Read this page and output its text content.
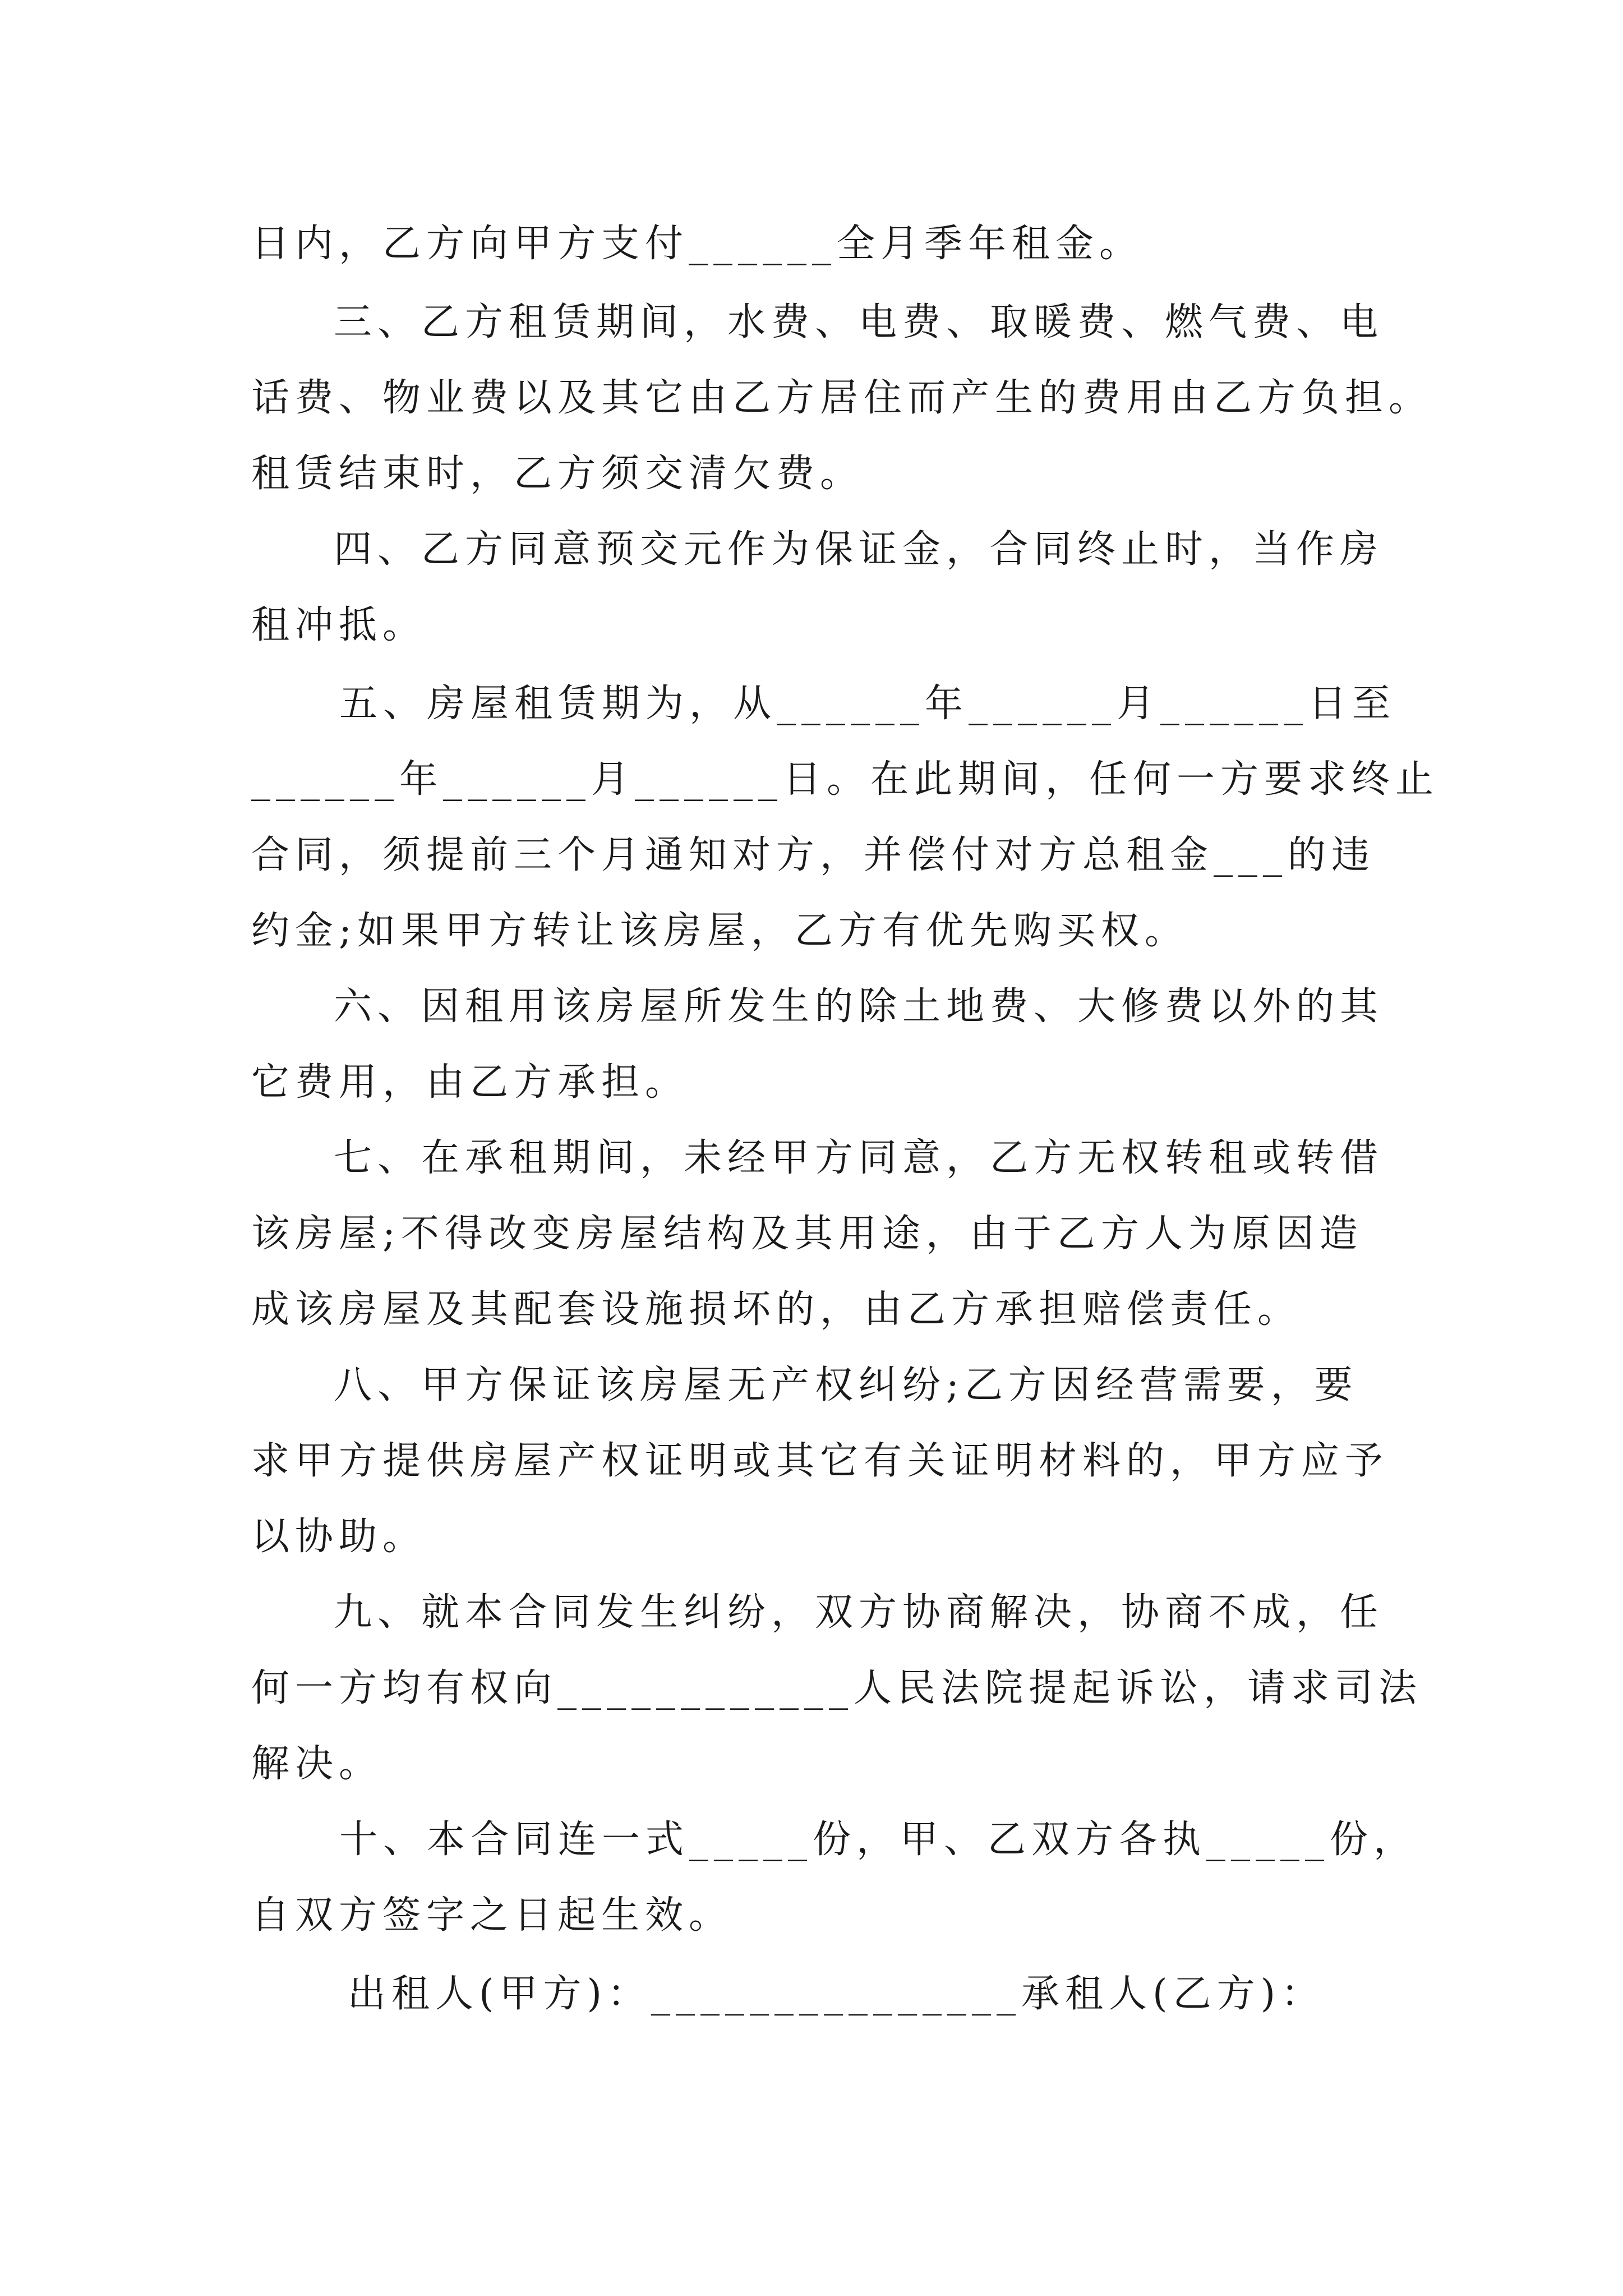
日内，乙方向甲方支付______全月季年租金。
三、乙方租赁期间，水费、电费、取暖费、燃气费、电
话费、物业费以及其它由乙方居住而产生的费用由乙方负担。
租赁结束时，乙方须交清欠费。
四、乙方同意预交元作为保证金，合同终止时，当作房
租冲抵。
五、房屋租赁期为，从______年______月______日至
______年______月______日。在此期间，任何一方要求终止
合同，须提前三个月通知对方，并偿付对方总租金___的违
约金;如果甲方转让该房屋，乙方有优先购买权。
六、因租用该房屋所发生的除土地费、大修费以外的其
它费用，由乙方承担。
七、在承租期间，未经甲方同意，乙方无权转租或转借
该房屋;不得改变房屋结构及其用途，由于乙方人为原因造
成该房屋及其配套设施损坏的，由乙方承担赔偿责任。
八、甲方保证该房屋无产权纠纷;乙方因经营需要，要
求甲方提供房屋产权证明或其它有关证明材料的，甲方应予
以协助。
九、就本合同发生纠纷，双方协商解决，协商不成，任
何一方均有权向____________人民法院提起诉讼，请求司法
解决。
十、本合同连一式_____份，甲、乙双方各执_____份，
自双方签字之日起生效。
出租人(甲方)：_______________承租人(乙方)：
